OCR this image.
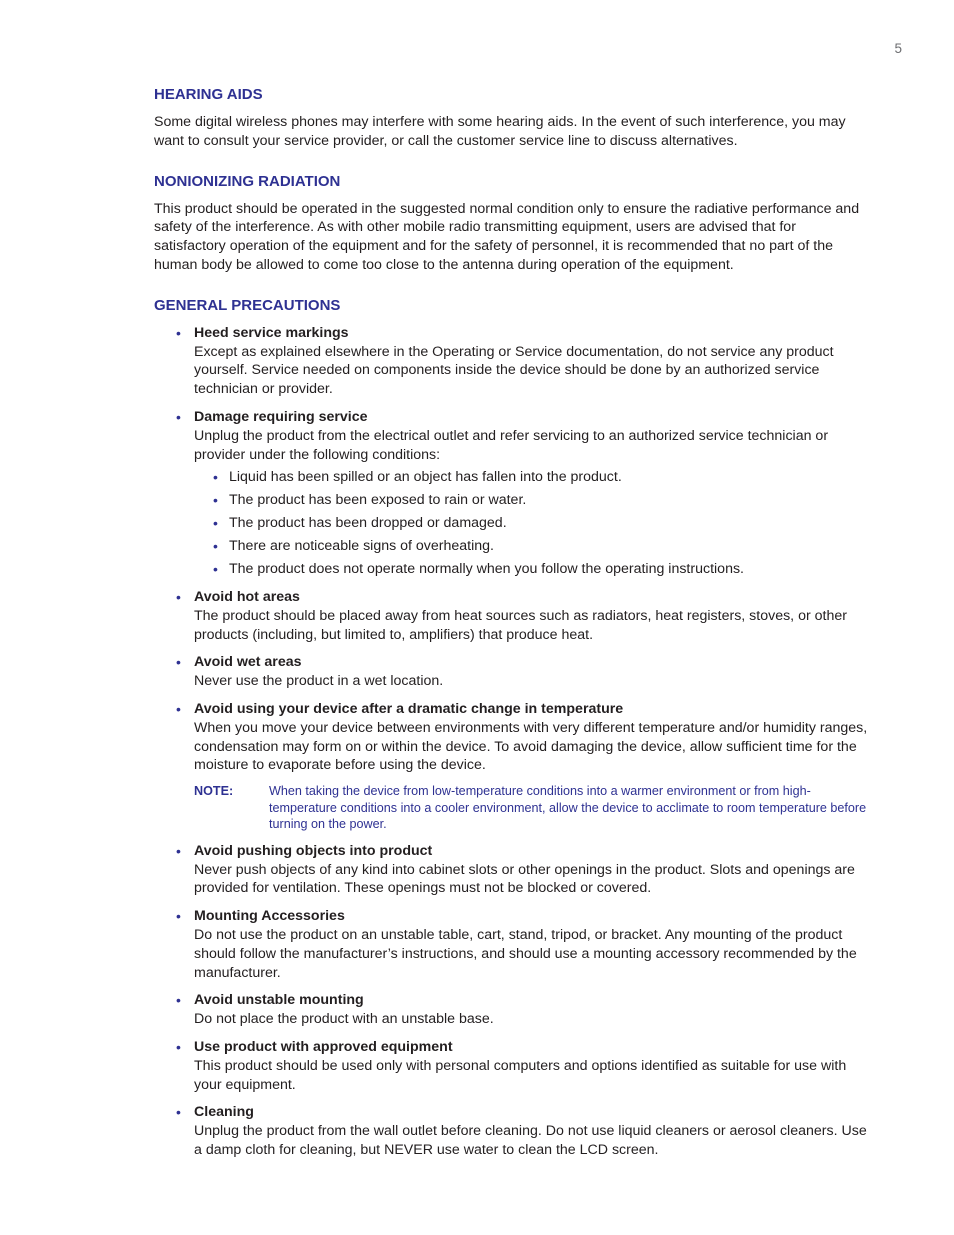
5
HEARING AIDS

Some digital wireless phones may interfere with some hearing aids. In the event of such interference, you may want to consult your service provider, or call the customer service line to discuss alternatives.

NONIONIZING RADIATION

This product should be operated in the suggested normal condition only to ensure the radiative performance and safety of the interference. As with other mobile radio transmitting equipment, users are advised that for satisfactory operation of the equipment and for the safety of personnel, it is recommended that no part of the human body be allowed to come too close to the antenna during operation of the equipment.

GENERAL PRECAUTIONS
• Heed service markings
Except as explained elsewhere in the Operating or Service documentation, do not service any product yourself. Service needed on components inside the device should be done by an authorized service technician or provider.
• Damage requiring service
Unplug the product from the electrical outlet and refer servicing to an authorized service technician or provider under the following conditions:
• Liquid has been spilled or an object has fallen into the product.
• The product has been exposed to rain or water.
• The product has been dropped or damaged.
• There are noticeable signs of overheating.
• The product does not operate normally when you follow the operating instructions.
• Avoid hot areas
The product should be placed away from heat sources such as radiators, heat registers, stoves, or other products (including, but limited to, amplifiers) that produce heat.
• Avoid wet areas
Never use the product in a wet location.
• Avoid using your device after a dramatic change in temperature
When you move your device between environments with very different temperature and/or humidity ranges, condensation may form on or within the device. To avoid damaging the device, allow sufficient time for the moisture to evaporate before using the device.
NOTE:	When taking the device from low-temperature conditions into a warmer environment or from high-temperature conditions into a cooler environment, allow the device to acclimate to room temperature before turning on the power.
• Avoid pushing objects into product
Never push objects of any kind into cabinet slots or other openings in the product. Slots and openings are provided for ventilation. These openings must not be blocked or covered.
• Mounting Accessories
Do not use the product on an unstable table, cart, stand, tripod, or bracket. Any mounting of the product should follow the manufacturer’s instructions, and should use a mounting accessory recommended by the manufacturer.
• Avoid unstable mounting
Do not place the product with an unstable base.
• Use product with approved equipment
This product should be used only with personal computers and options identified as suitable for use with your equipment.
• Cleaning
Unplug the product from the wall outlet before cleaning. Do not use liquid cleaners or aerosol cleaners. Use a damp cloth for cleaning, but NEVER use water to clean the LCD screen.
